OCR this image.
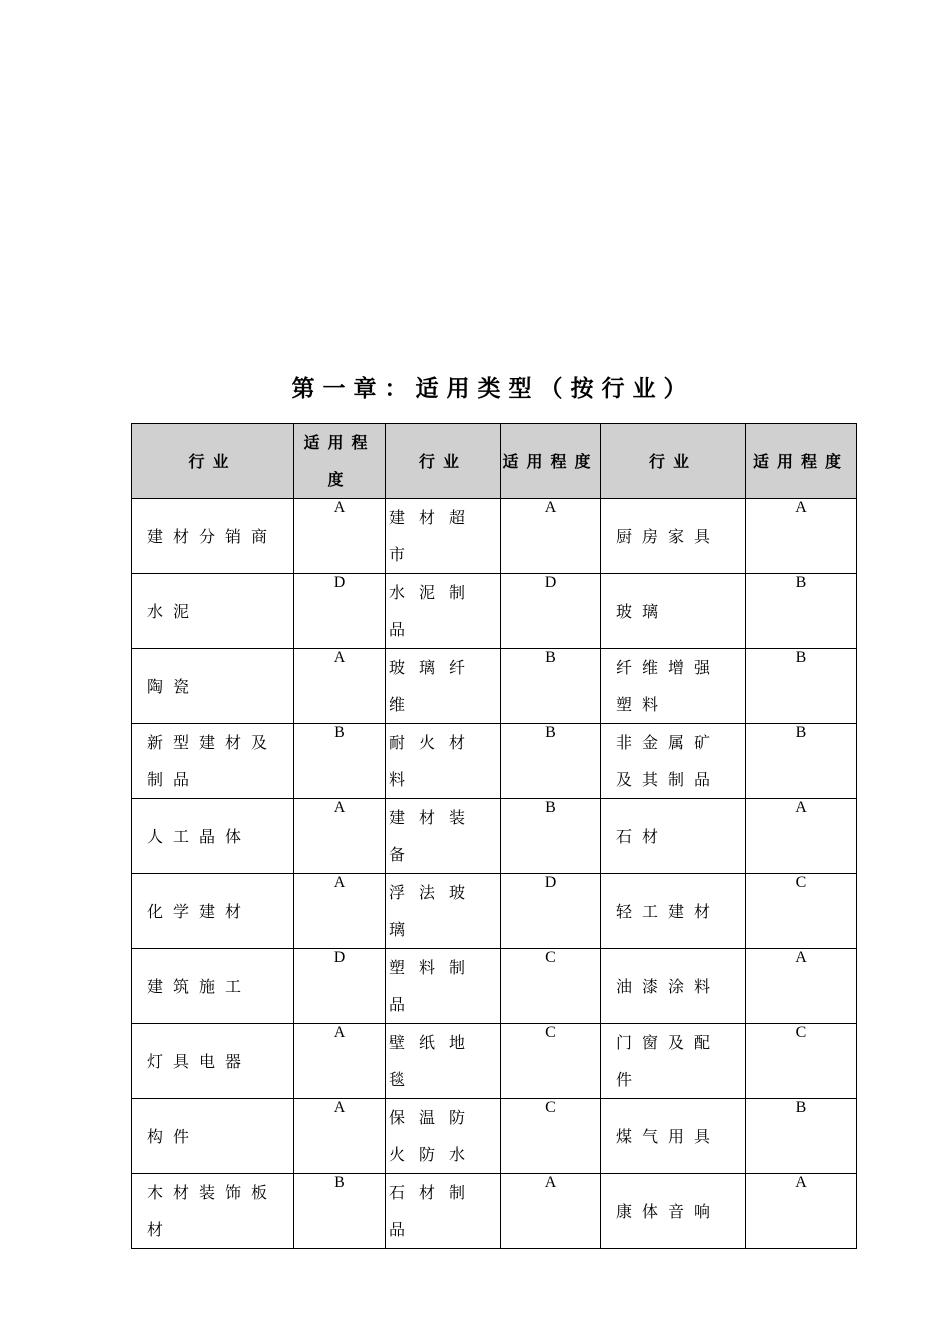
第一章：适用类型（按行业）
行业	适用程度	行业	适用程度	行业	适用程度

建材分销商	A	建材超市	A	厨房家具	A

水泥	D	水泥制品	D	玻璃	B

陶瓷	A	玻璃纤维	B	纤维增强塑料	B

新型建材及制品	B	耐火材料	B	非金属矿及其制品	B

人工晶体	A	建材装备	B	石材	A

化学建材	A	浮法玻璃	D	轻工建材	C

建筑施工	D	塑料制品	C	油漆涂料	A

灯具电器	A	壁纸地毯	C	门窗及配件	C

构件	A	保温防火防水	C	煤气用具	B

木材装饰板材	B	石材制品	A	康体音响	A
